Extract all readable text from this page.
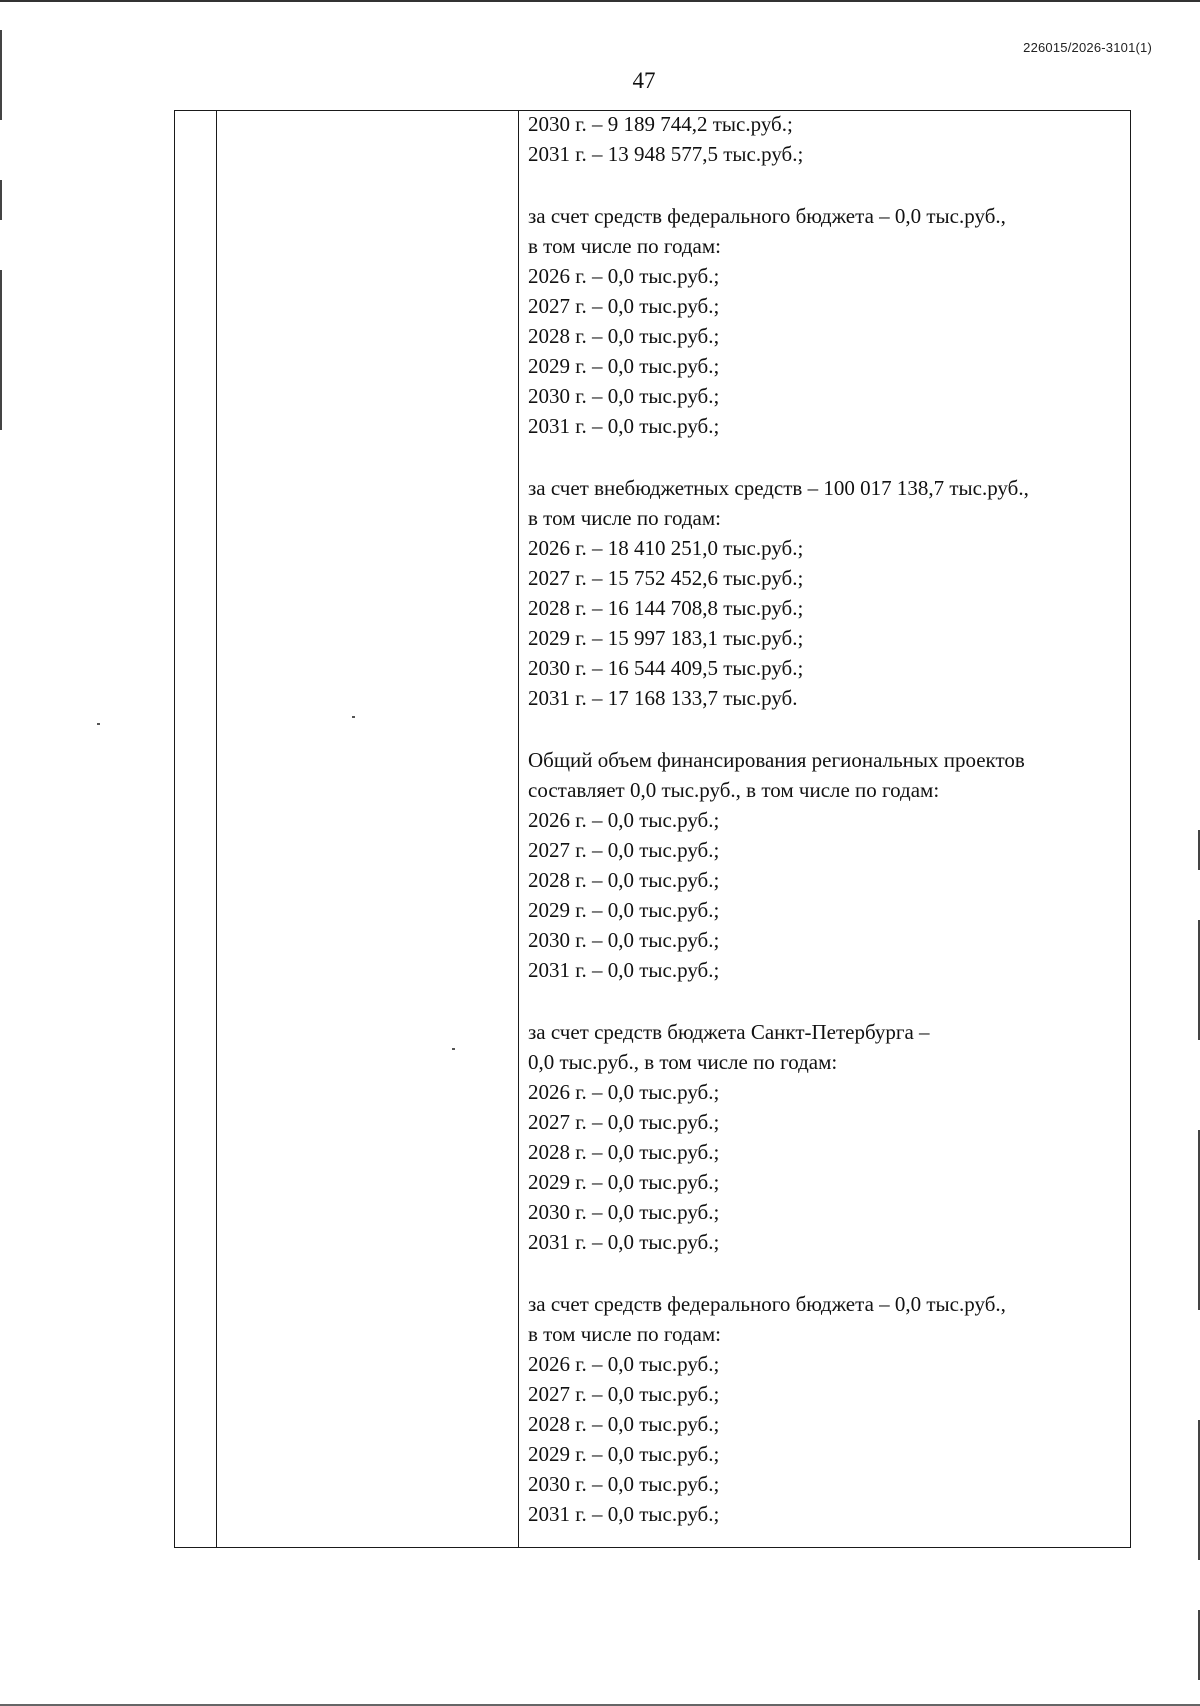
226015/2026-3101(1)
47
2030 г. – 9 189 744,2 тыс.руб.;
2031 г. – 13 948 577,5 тыс.руб.;
за счет средств федерального бюджета – 0,0 тыс.руб.,
в том числе по годам:
2026 г. – 0,0 тыс.руб.;
2027 г. – 0,0 тыс.руб.;
2028 г. – 0,0 тыс.руб.;
2029 г. – 0,0 тыс.руб.;
2030 г. – 0,0 тыс.руб.;
2031 г. – 0,0 тыс.руб.;
за счет внебюджетных средств – 100 017 138,7 тыс.руб.,
в том числе по годам:
2026 г. – 18 410 251,0 тыс.руб.;
2027 г. – 15 752 452,6 тыс.руб.;
2028 г. – 16 144 708,8 тыс.руб.;
2029 г. – 15 997 183,1 тыс.руб.;
2030 г. – 16 544 409,5 тыс.руб.;
2031 г. – 17 168 133,7 тыс.руб.
Общий объем финансирования региональных проектов
составляет 0,0 тыс.руб., в том числе по годам:
2026 г. – 0,0 тыс.руб.;
2027 г. – 0,0 тыс.руб.;
2028 г. – 0,0 тыс.руб.;
2029 г. – 0,0 тыс.руб.;
2030 г. – 0,0 тыс.руб.;
2031 г. – 0,0 тыс.руб.;
за счет средств бюджета Санкт-Петербурга –
0,0 тыс.руб., в том числе по годам:
2026 г. – 0,0 тыс.руб.;
2027 г. – 0,0 тыс.руб.;
2028 г. – 0,0 тыс.руб.;
2029 г. – 0,0 тыс.руб.;
2030 г. – 0,0 тыс.руб.;
2031 г. – 0,0 тыс.руб.;
за счет средств федерального бюджета – 0,0 тыс.руб.,
в том числе по годам:
2026 г. – 0,0 тыс.руб.;
2027 г. – 0,0 тыс.руб.;
2028 г. – 0,0 тыс.руб.;
2029 г. – 0,0 тыс.руб.;
2030 г. – 0,0 тыс.руб.;
2031 г. – 0,0 тыс.руб.;
